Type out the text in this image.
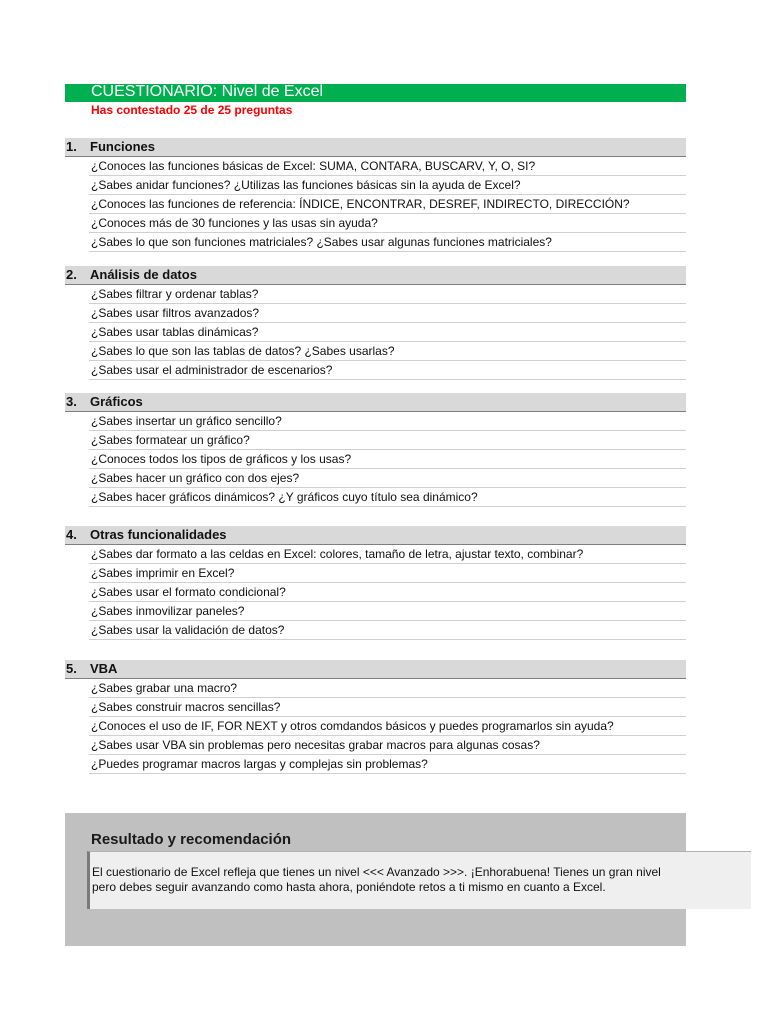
CUESTIONARIO: Nivel de Excel
Has contestado 25 de 25 preguntas
1. Funciones
¿Conoces las funciones básicas de Excel: SUMA, CONTARA, BUSCARV, Y, O, SI?
¿Sabes anidar funciones? ¿Utilizas las funciones básicas sin la ayuda de Excel?
¿Conoces las funciones de referencia: ÍNDICE, ENCONTRAR, DESREF, INDIRECTO, DIRECCIÓN?
¿Conoces más de 30 funciones y las usas sin ayuda?
¿Sabes lo que son funciones matriciales? ¿Sabes usar algunas funciones matriciales?
2. Análisis de datos
¿Sabes filtrar y ordenar tablas?
¿Sabes usar filtros avanzados?
¿Sabes usar tablas dinámicas?
¿Sabes lo que son las tablas de datos? ¿Sabes usarlas?
¿Sabes usar el administrador de escenarios?
3. Gráficos
¿Sabes insertar un gráfico sencillo?
¿Sabes formatear un gráfico?
¿Conoces todos los tipos de gráficos y los usas?
¿Sabes hacer un gráfico con dos ejes?
¿Sabes hacer gráficos dinámicos? ¿Y gráficos cuyo título sea dinámico?
4. Otras funcionalidades
¿Sabes dar formato a las celdas en Excel: colores, tamaño de letra, ajustar texto, combinar?
¿Sabes imprimir en Excel?
¿Sabes usar el formato condicional?
¿Sabes inmovilizar paneles?
¿Sabes usar la validación de datos?
5. VBA
¿Sabes grabar una macro?
¿Sabes construir macros sencillas?
¿Conoces el uso de IF, FOR NEXT y otros comdandos básicos y puedes programarlos sin ayuda?
¿Sabes usar VBA sin problemas pero necesitas grabar macros para algunas cosas?
¿Puedes programar macros largas y complejas sin problemas?
Resultado y recomendación
El cuestionario de Excel refleja que tienes un nivel <<< Avanzado >>>. ¡Enhorabuena! Tienes un gran nivel pero debes seguir avanzando como hasta ahora, poniéndote retos a ti mismo en cuanto a Excel.
